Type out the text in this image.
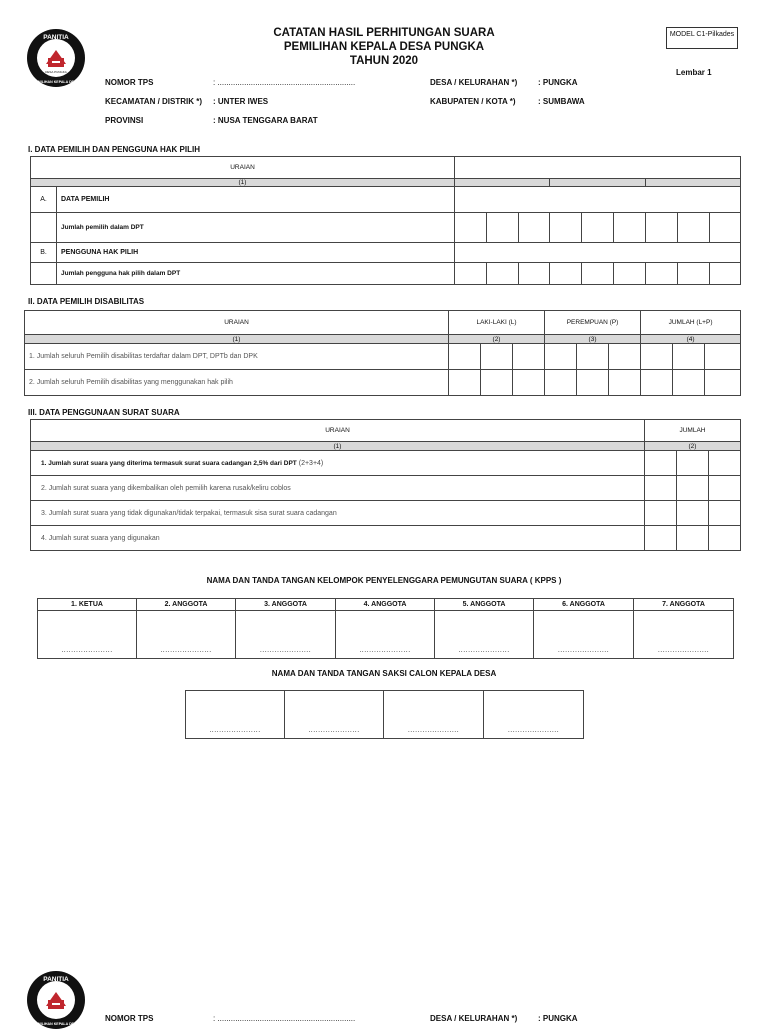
PANITIA
DESA PUNGKA
PEMILIHAN KEPALA DESA
CATATAN HASIL PERHITUNGAN SUARA
PEMILIHAN KEPALA DESA PUNGKA
TAHUN 2020
MODEL C1-Pilkades
Lembar 1
NOMOR TPS	: ..............................................................	DESA / KELURAHAN *)	: PUNGKA
KECAMATAN / DISTRIK *) : UNTER IWES	KABUPATEN / KOTA *)	: SUMBAWA
PROVINSI	: NUSA TENGGARA BARAT
I. DATA PEMILIH DAN PENGGUNA HAK PILIH
URAIAN										
(1)										
A.	DATA PEMILIH									
	Jumlah pemilih dalam DPT									
B.	PENGGUNA HAK PILIH									
	Jumlah pengguna hak pilih dalam DPT									
II. DATA PEMILIH DISABILITAS
URAIAN	LAKI-LAKI (L)			PEREMPUAN (P)			JUMLAH (L+P)		
(1)	(2)			(3)			(4)		
1. Jumlah seluruh Pemilih disabilitas terdaftar dalam DPT, DPTb dan DPK									
2. Jumlah seluruh Pemilih disabilitas yang menggunakan hak pilih									
III. DATA PENGGUNAAN SURAT SUARA
URAIAN	JUMLAH		
(1)	(2)		
1. Jumlah surat suara yang diterima termasuk surat suara cadangan 2,5% dari DPT (2+3+4)			
2. Jumlah surat suara yang dikembalikan oleh pemilih karena rusak/keliru coblos			
3. Jumlah surat suara yang tidak digunakan/tidak terpakai, termasuk sisa surat suara cadangan			
4. Jumlah surat suara yang digunakan			
NAMA DAN TANDA TANGAN KELOMPOK PENYELENGGARA PEMUNGUTAN SUARA ( KPPS )
1. KETUA	2. ANGGOTA	3. ANGGOTA	4. ANGGOTA	5. ANGGOTA	6. ANGGOTA	7. ANGGOTA
.....................	.....................	.....................	.....................	.....................	.....................	.....................
NAMA DAN TANDA TANGAN SAKSI CALON KEPALA DESA
.....................	.....................	.....................	.....................
PANITIA
PEMILIHAN KEPALA DESA
NOMOR TPS	: ..............................................................	DESA / KELURAHAN *)	: PUNGKA
